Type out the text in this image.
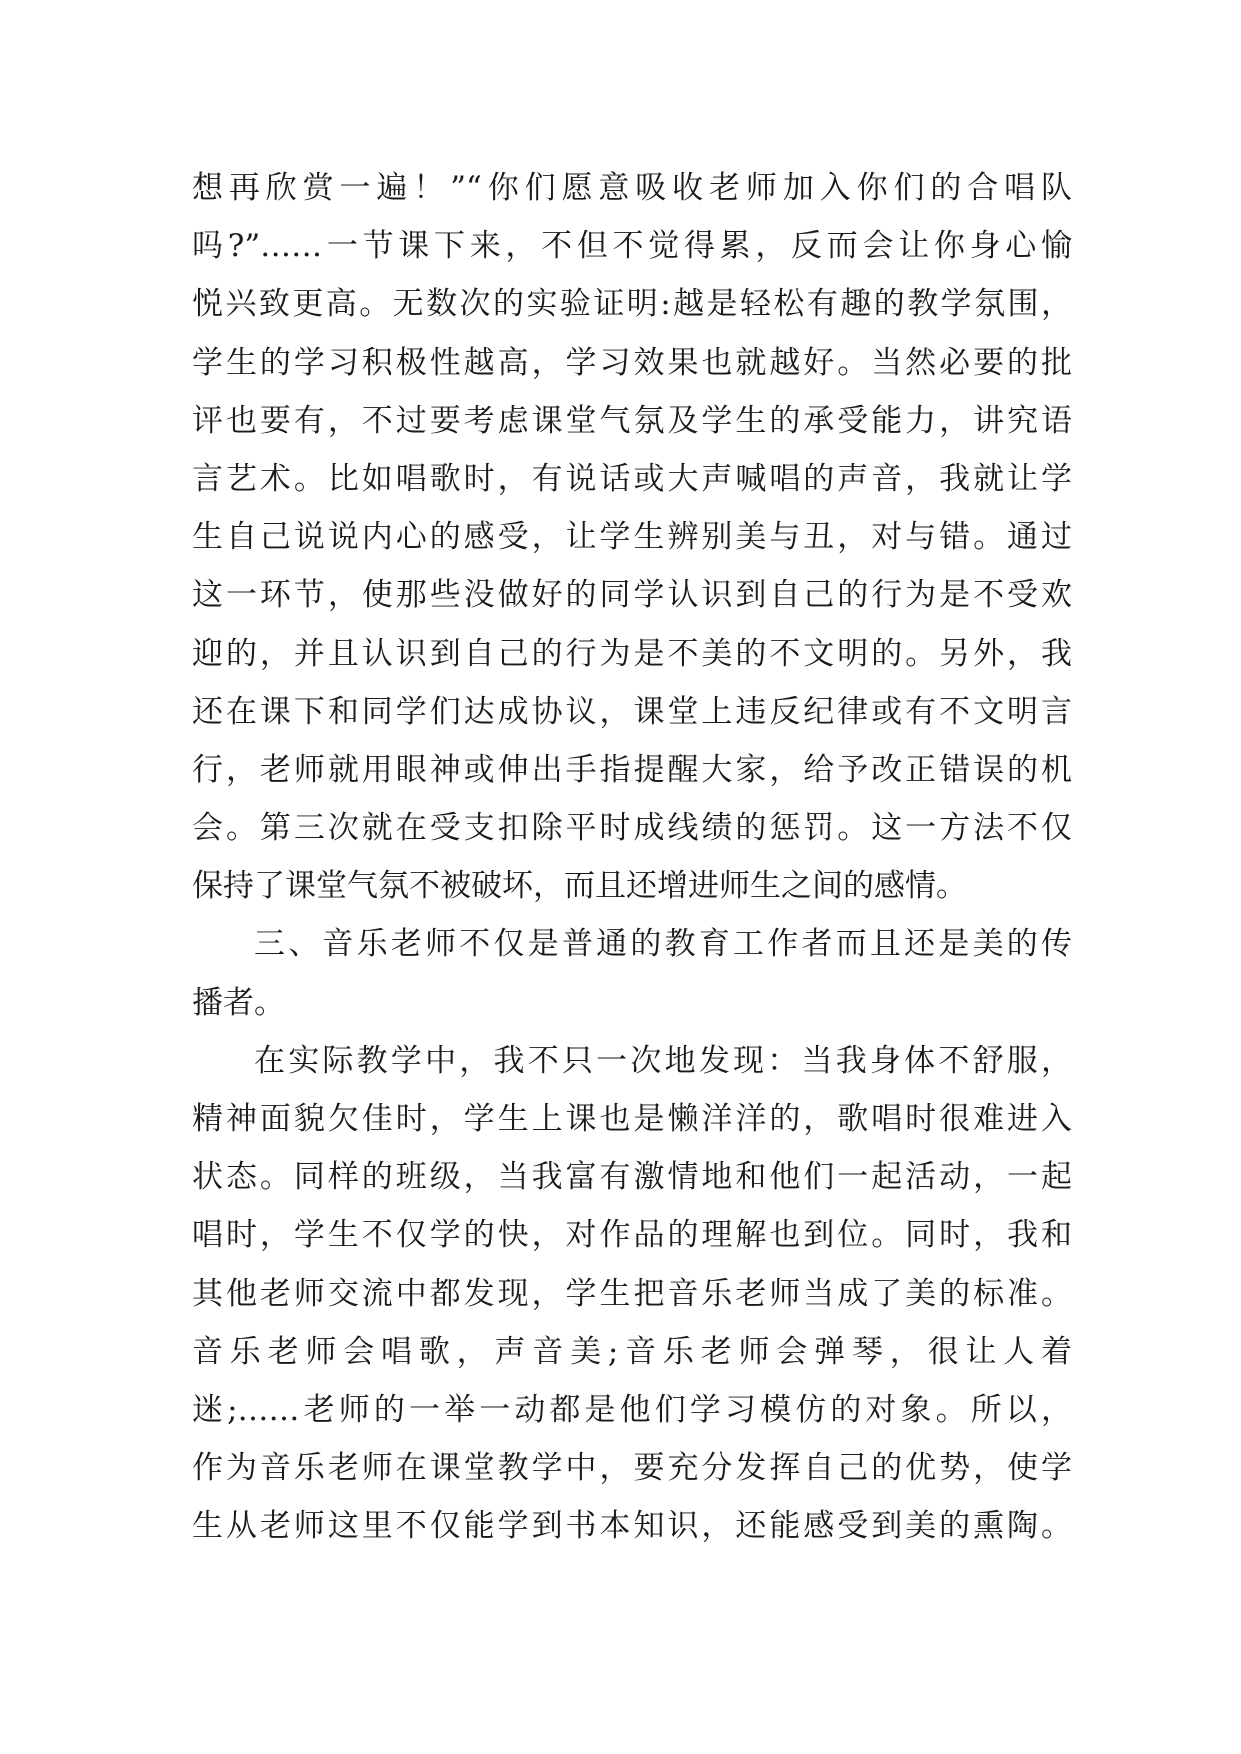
想再欣赏一遍！”“你们愿意吸收老师加入你们的合唱队
吗?”……一节课下来，不但不觉得累，反而会让你身心愉
悦兴致更高。无数次的实验证明:越是轻松有趣的教学氛围，
学生的学习积极性越高，学习效果也就越好。当然必要的批
评也要有，不过要考虑课堂气氛及学生的承受能力，讲究语
言艺术。比如唱歌时，有说话或大声喊唱的声音，我就让学
生自己说说内心的感受，让学生辨别美与丑，对与错。通过
这一环节，使那些没做好的同学认识到自己的行为是不受欢
迎的，并且认识到自己的行为是不美的不文明的。另外，我
还在课下和同学们达成协议，课堂上违反纪律或有不文明言
行，老师就用眼神或伸出手指提醒大家，给予改正错误的机
会。第三次就在受支扣除平时成线绩的惩罚。这一方法不仅
保持了课堂气氛不被破坏，而且还增进师生之间的感情。
三、音乐老师不仅是普通的教育工作者而且还是美的传
播者。
在实际教学中，我不只一次地发现：当我身体不舒服，
精神面貌欠佳时，学生上课也是懒洋洋的，歌唱时很难进入
状态。同样的班级，当我富有激情地和他们一起活动，一起
唱时，学生不仅学的快，对作品的理解也到位。同时，我和
其他老师交流中都发现，学生把音乐老师当成了美的标准。
音乐老师会唱歌，声音美;音乐老师会弹琴，很让人着
迷;……老师的一举一动都是他们学习模仿的对象。所以，
作为音乐老师在课堂教学中，要充分发挥自己的优势，使学
生从老师这里不仅能学到书本知识，还能感受到美的熏陶。
